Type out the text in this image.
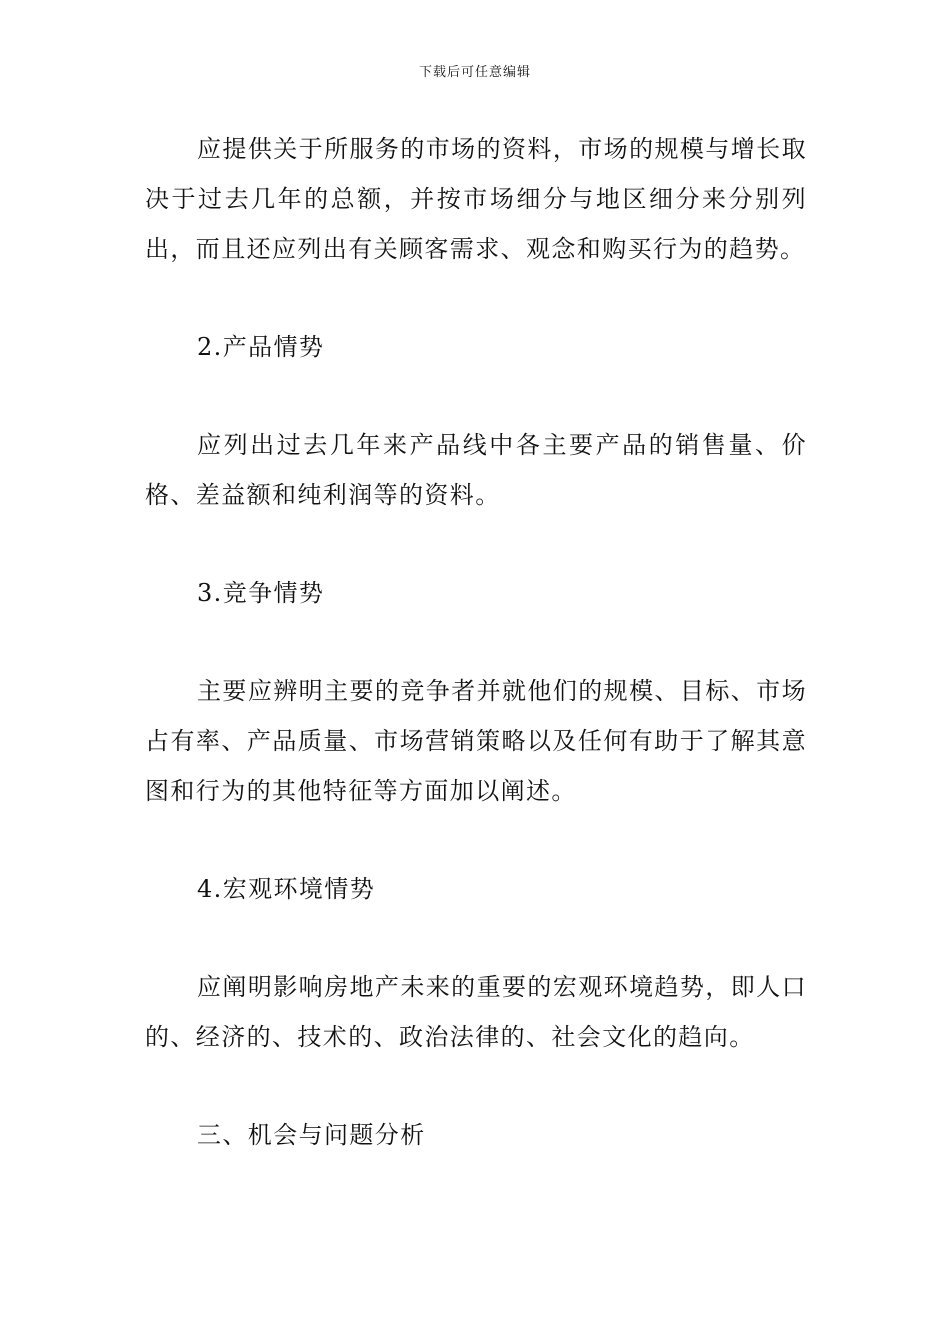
下载后可任意编辑

应提供关于所服务的市场的资料，市场的规模与增长取决于过去几年的总额，并按市场细分与地区细分来分别列出，而且还应列出有关顾客需求、观念和购买行为的趋势。

2.产品情势

应列出过去几年来产品线中各主要产品的销售量、价格、差益额和纯利润等的资料。

3.竞争情势

主要应辨明主要的竞争者并就他们的规模、目标、市场占有率、产品质量、市场营销策略以及任何有助于了解其意图和行为的其他特征等方面加以阐述。

4.宏观环境情势

应阐明影响房地产未来的重要的宏观环境趋势，即人口的、经济的、技术的、政治法律的、社会文化的趋向。

三、机会与问题分析
